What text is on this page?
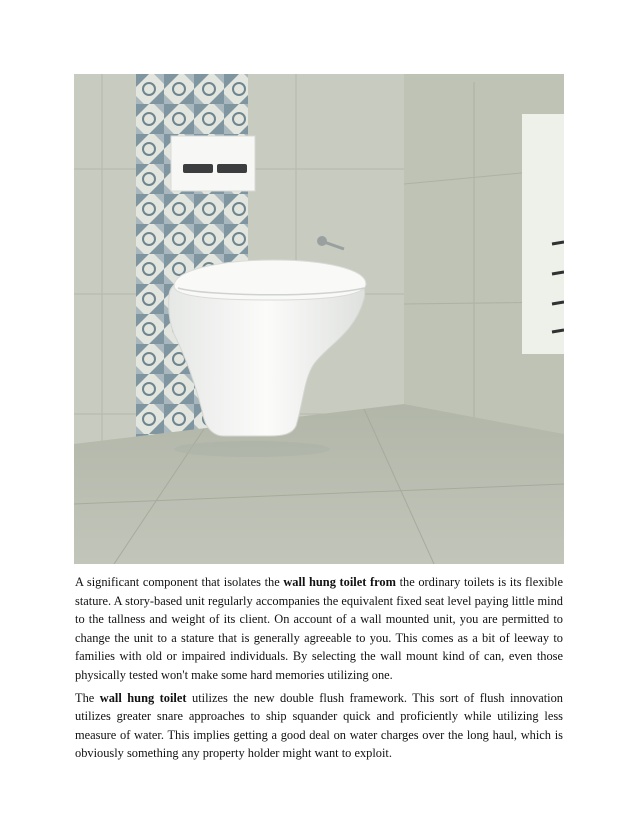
A significant component that isolates the wall hung toilet from the ordinary toilets is its flexible stature. A story-based unit regularly accompanies the equivalent fixed seat level paying little mind to the tallness and weight of its client. On account of a wall mounted unit, you are permitted to change the unit to a stature that is generally agreeable to you. This comes as a bit of leeway to families with old or impaired individuals. By selecting the wall mount kind of can, even those physically tested won't make some hard memories utilizing one.

The wall hung toilet utilizes the new double flush framework. This sort of flush innovation utilizes greater snare approaches to ship squander quick and proficiently while utilizing less measure of water. This implies getting a good deal on water charges over the long haul, which is obviously something any property holder might want to exploit.
